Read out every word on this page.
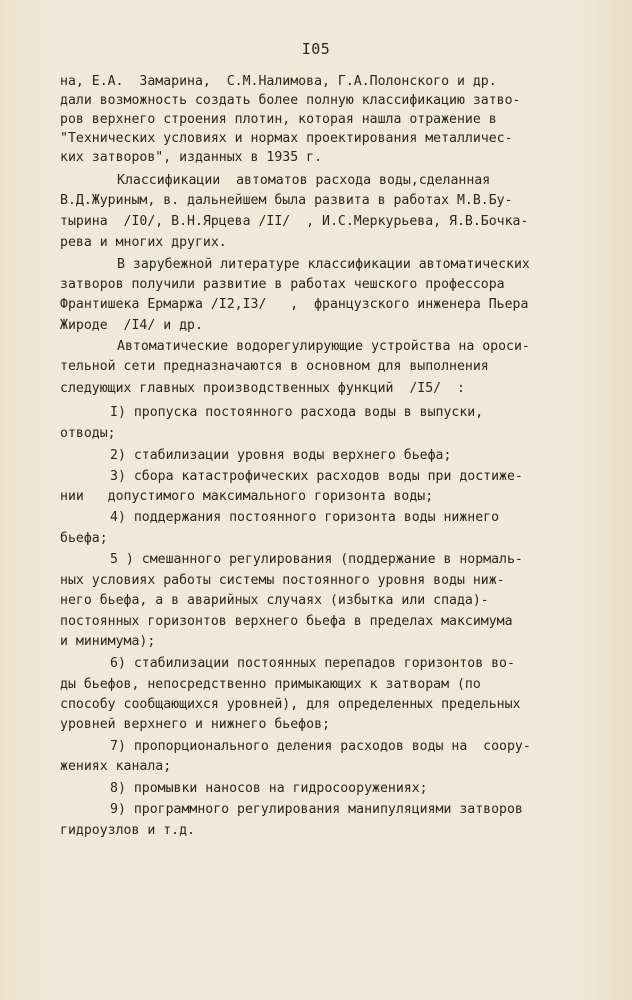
I05
на, Е.А.  Замарина,  С.М.Налимова, Г.А.Полонского и др.
дали возможность создать более полную классификацию затво-
ров верхнего строения плотин, которая нашла отражение в
"Технических условиях и нормах проектирования металличес-
ких затворов", изданных в 1935 г.
Классификации  автоматов расхода воды,сделанная
В.Д.Журиным, в. дальнейшем была развита в работах М.В.Бу-
тырина  /I0/, В.Н.Ярцева /II/  , И.С.Меркурьева, Я.В.Бочка-
рева и многих других.
В зарубежной литературе классификации автоматических
затворов получили развитие в работах чешского профессора
Франтишека Ермаржа /I2,I3/   ,  французского инженера Пьера
Жироде  /I4/ и др.
Автоматические водорегулирующие устройства на ороси-
тельной сети предназначаются в основном для выполнения
следующих главных производственных функций  /I5/  :
I) пропуска постоянного расхода воды в выпуски,
отводы;
2) стабилизации уровня воды верхнего бьефа;
3) сбора катастрофических расходов воды при достиже-
нии   допустимого максимального горизонта воды;
4) поддержания постоянного горизонта воды нижнего
бьефа;
5 ) смешанного регулирования (поддержание в нормаль-
ных условиях работы системы постоянного уровня воды ниж-
него бьефа, а в аварийных случаях (избытка или спада)-
постоянных горизонтов верхнего бьефа в пределах максимума
и минимума);
6) стабилизации постоянных перепадов горизонтов во-
ды бьефов, непосредственно примыкающих к затворам (по
способу сообщающихся уровней), для определенных предельных
уровней верхнего и нижнего бьефов;
7) пропорционального деления расходов воды на  соору-
жениях канала;
8) промывки наносов на гидросооружениях;
9) программного регулирования манипуляциями затворов
гидроузлов и т.д.
